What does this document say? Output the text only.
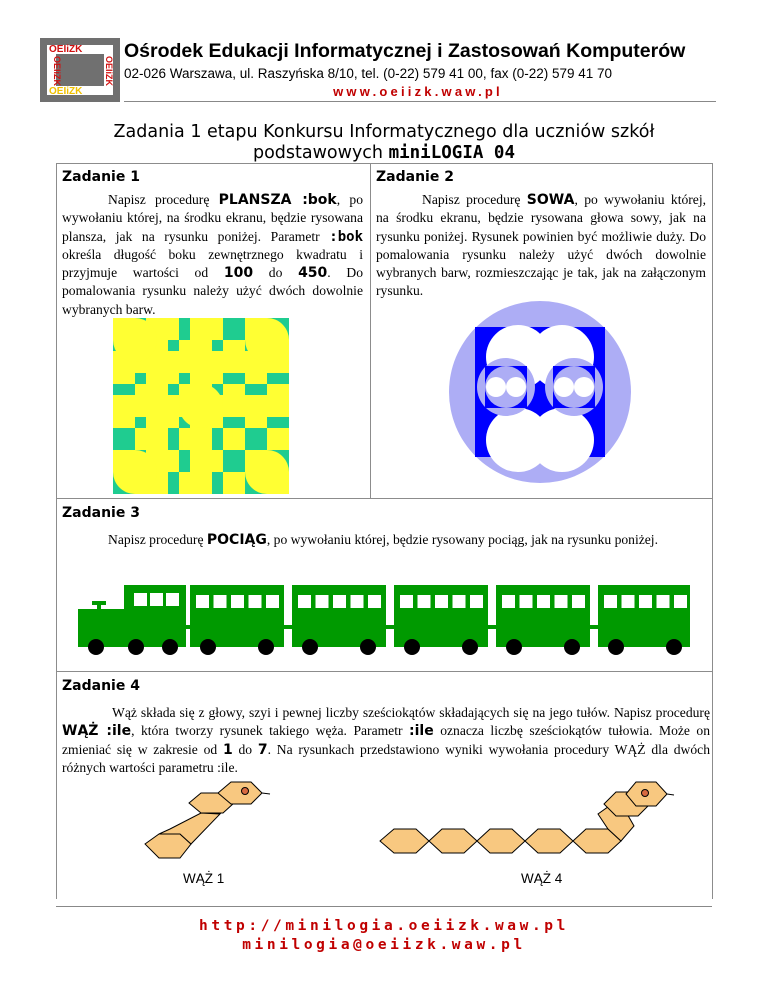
OEIiZK
OEIiZK
OEIiZK	OEIiZK
Ośrodek Edukacji Informatycznej i Zastosowań Komputerów
02-026 Warszawa, ul. Raszyńska 8/10, tel. (0-22) 579 41 00, fax (0-22) 579 41 70
www.oeiizk.waw.pl
Zadania 1 etapu Konkursu Informatycznego dla uczniów szkół
podstawowych miniLOGIA 04
Zadanie 1
Napisz procedurę PLANSZA :bok, po wywołaniu której, na środku ekranu, będzie rysowana plansza, jak na rysunku poniżej. Parametr :bok określa długość boku zewnętrznego kwadratu i przyjmuje wartości od 100 do 450. Do pomalowania rysunku należy użyć dwóch dowolnie wybranych barw.
Zadanie 2
Napisz procedurę SOWA, po wywołaniu której, na środku ekranu, będzie rysowana głowa sowy, jak na rysunku poniżej. Rysunek powinien być możliwie duży. Do pomalowania rysunku należy użyć dwóch dowolnie wybranych barw, rozmieszczając je tak, jak na załączonym rysunku.
Zadanie 3
Napisz procedurę POCIĄG, po wywołaniu której, będzie rysowany pociąg, jak na rysunku poniżej.
Zadanie 4
Wąż składa się z głowy, szyi i pewnej liczby sześciokątów składających się na jego tułów. Napisz procedurę WĄŻ :ile, która tworzy rysunek takiego węża. Parametr :ile oznacza liczbę sześciokątów tułowia. Może on zmieniać się w zakresie od 1 do 7. Na rysunkach przedstawiono wyniki wywołania procedury WĄŻ dla dwóch różnych wartości parametru :ile.
WĄŻ 1	WĄŻ 4
http://minilogia.oeiizk.waw.pl
minilogia@oeiizk.waw.pl
